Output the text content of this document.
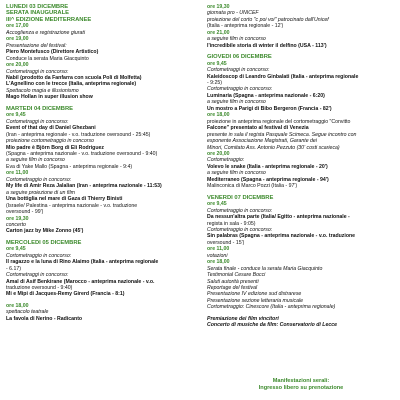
LUNEDÌ 03 DICEMBRE
SERATA INAUGURALE
III^ EDIZIONE MEDITERRANEE
ore 17,00
Accoglienza e registrazione giurati
ore 19,00
Presentazione del festival:
Piero Montefusco (Direttore Artistico)
Conduce la serata Maria Giacquinto
ore 20,00
Cortometraggi in concorso:
Nabil (prodotto da Fanfarra con scuola Poli di Molfetta)
L'Agnellino con le trecce (Italia, anteprima regionale)
Spettacolo magia e illusionismo
Mago Hollan in super illusion show
MARTEDÌ 04 DICEMBRE
ore 9,45
Cortometraggi in concorso:
Event of that day di Daniel Ghezbani
(Iran - anteprima regionale - v.o. traduzione oversound - 25:45)
proiezione cortometraggio in concorso
Mio padre è Björn Borg di Eli Rodriguez
(Spagna - anteprima nazionale - v.o. traduzione oversound - 9:40)
a seguire film in concorso
Eva di Yake Mallo (Spagna - anteprima regionale - 9:4)
ore 11,00
Cortometraggio in concorso:
My life di Amir Reza Jalalian (Iran - anteprima nazionale - 11:53)
a seguire proiezione di un film
Una bottiglia nel mare di Gaza di Thierry Binisti
(Israele/ Palestina - anteprima nazionale - v.o. traduzione
oversound - 99')
ore 19,30
concerto
Carton jazz by Mike Zonno (45')
MERCOLEDÌ 05 DICEMBRE
ore 9,45
Cortometraggio in concorso:
Il ragazzo e la luna di Rino Alaimo (Italia - anteprima regionale
- 6.17)
Cortometraggi in concorso:
Amal di Asif Benkirane (Marocco - anteprima nazionale - v.o.
traduzione oversound - 9:40)
Mi e Mipi di Jacques-Remy Girerd (Francia - 8:1)
ore 18,00
spettacolo teatrale
La favola di Nerino - Radicanto
ore 19,30
giornata pro - UNICEF
proiezione del corto "c poi voi" patrocinato dall'Unicef
(Italia - anteprima regionale - 12')
ore 21,00
a seguire film in concorso
l'incredibile storia di winter il delfino (USA - 113')
GIOVEDÌ 06 DICEMBRE
ore 9,45
Cortometraggi in concorso:
Kaleidoscop di Leandro Ginbalati (Italia - anteprima regionale
- 9:25)
Cortometraggio in concorso:
Luminaria (Spagna - anteprima nazionale - 6:20)
a seguire film in concorso
Un mostro a Parigi di Bibo Bergeron (Francia - 82')
ore 18,00
proiezione in anteprima regionale del cortometraggio "Convitto
Falcone" presentato al festival di Venezia
presente in sala il regista Pasquale Scimeca. Segue incontro con
esponente Associazione Magistrati, Garante dei
Minori, Comitato Ass. Antonio Pezzuto (30' costi scarieca)
ore 20,00
Cortometraggio:
Volevo le snake (Italia - anteprima regionale - 20')
a seguire film in concorso
Mediterraneo (Spagna - anteprima regionale - 94')
Malinconica di Marco Pozzi (Italia - 97')
VENERDÌ 07 DICEMBRE
ore 9,45
Cortometraggio in concorso:
Da nessun'altra parte (Italia/ Egitto - anteprima nazionale -
regista in sala - 9:05)
Cortometraggio in concorso:
Sin palabras (Spagna - anteprima nazionale - v.o. traduzione
oversound - 15')
ore 11,00
votazioni
ore 18,00
Serata finale - conduce la serata Maria Giacquinto
Testimonial Cesare Bocci
Saluti autorità presenti
Reportage del festival
Presentazione IV edizione sud distrarese
Presentazione sezione letteraria musicale
Cortometraggio: Cinescore (Italia - anteprima regionale)
Premiazione dei film vincitori
Concerto di musiche da film: Conservatorio di Lecce
Manifestazioni serali:
Ingresso libero su prenotazione
